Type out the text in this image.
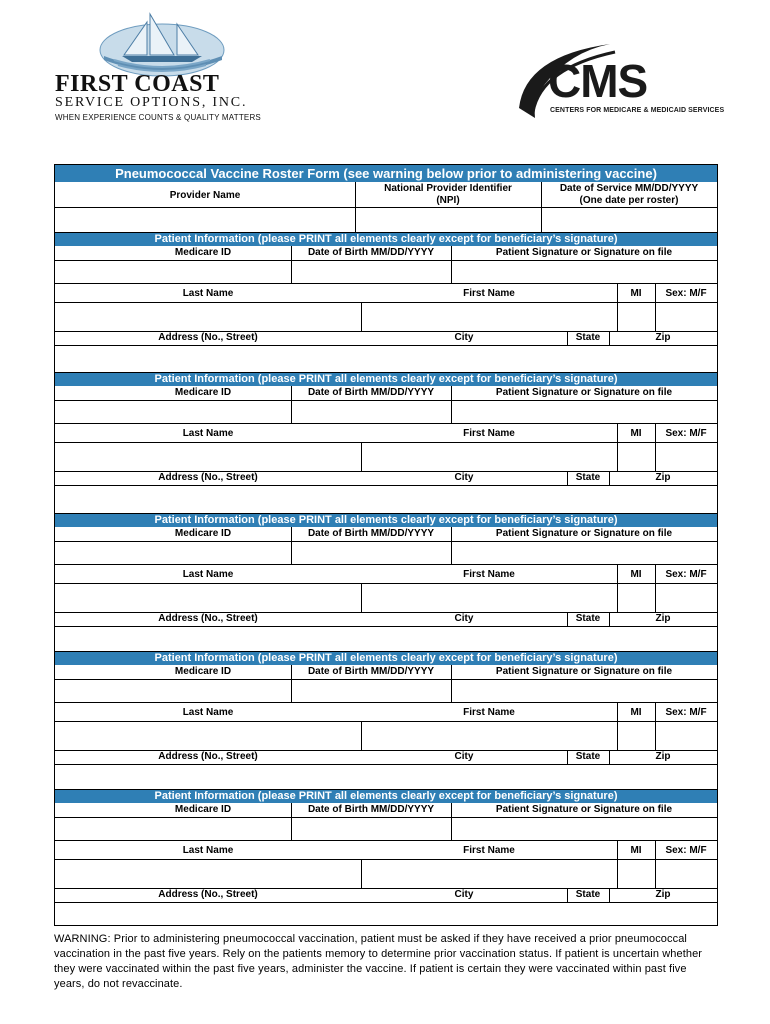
FIRST COAST
SERVICE OPTIONS, INC.
WHEN EXPERIENCE COUNTS & QUALITY MATTERS
CMS
CENTERS FOR MEDICARE & MEDICAID SERVICES
Pneumococcal Vaccine Roster Form (see warning below prior to administering vaccine)
Provider Name
National Provider Identifier
(NPI)
Date of Service MM/DD/YYYY
(One date per roster)
Patient Information (please PRINT all elements clearly except for beneficiary’s signature)
Medicare ID	Date of Birth MM/DD/YYYY	Patient Signature or Signature on file
Last Name	First Name	MI	Sex: M/F
Address (No., Street)	City	State	Zip
Patient Information (please PRINT all elements clearly except for beneficiary’s signature)
Medicare ID	Date of Birth MM/DD/YYYY	Patient Signature or Signature on file
Last Name	First Name	MI	Sex: M/F
Address (No., Street)	City	State	Zip
Patient Information (please PRINT all elements clearly except for beneficiary’s signature)
Medicare ID	Date of Birth MM/DD/YYYY	Patient Signature or Signature on file
Last Name	First Name	MI	Sex: M/F
Address (No., Street)	City	State	Zip
Patient Information (please PRINT all elements clearly except for beneficiary’s signature)
Medicare ID	Date of Birth MM/DD/YYYY	Patient Signature or Signature on file
Last Name	First Name	MI	Sex: M/F
Address (No., Street)	City	State	Zip
Patient Information (please PRINT all elements clearly except for beneficiary’s signature)
Medicare ID	Date of Birth MM/DD/YYYY	Patient Signature or Signature on file
Last Name	First Name	MI	Sex: M/F
Address (No., Street)	City	State	Zip
WARNING: Prior to administering pneumococcal vaccination, patient must be asked if they have received a prior pneumococcal vaccination in the past five years. Rely on the patients memory to determine prior vaccination status. If patient is uncertain whether they were vaccinated within the past five years, administer the vaccine. If patient is certain they were vaccinated within past five years, do not revaccinate.
